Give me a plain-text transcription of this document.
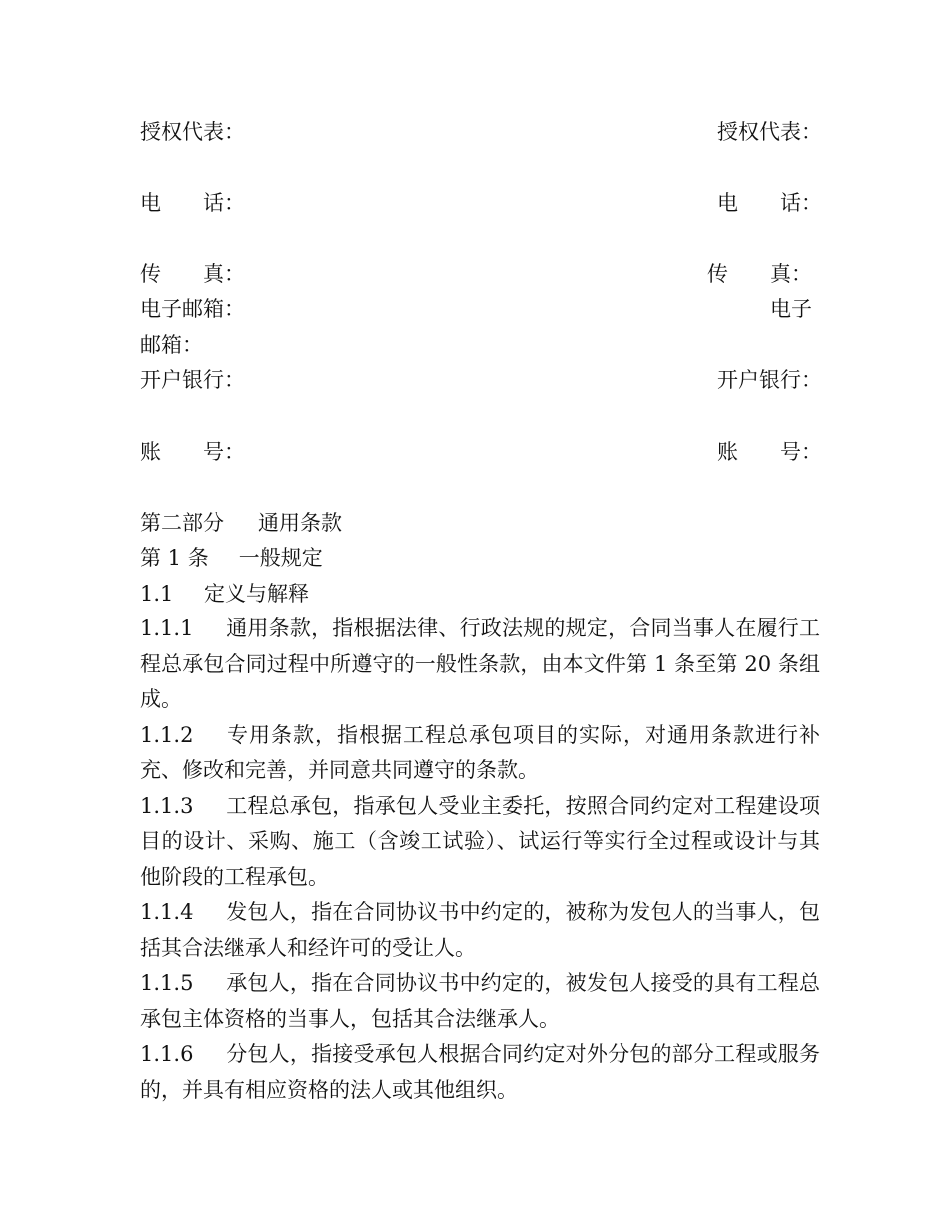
授权代表：	授权代表：
电　　话：	电　　话：
传　　真：	传　　真：
电子邮箱：	电子
邮箱：
开户银行：	开户银行：
账　　号：	账　　号：
第二部分 通用条款
第 1 条 一般规定
1.1 定义与解释

1.1.1 通用条款，指根据法律、行政法规的规定，合同当事人在履行工程总承包合同过程中所遵守的一般性条款，由本文件第 1 条至第 20 条组成。

1.1.2 专用条款，指根据工程总承包项目的实际，对通用条款进行补充、修改和完善，并同意共同遵守的条款。

1.1.3 工程总承包，指承包人受业主委托，按照合同约定对工程建设项目的设计、采购、施工（含竣工试验）、试运行等实行全过程或设计与其他阶段的工程承包。

1.1.4 发包人，指在合同协议书中约定的，被称为发包人的当事人，包括其合法继承人和经许可的受让人。

1.1.5 承包人，指在合同协议书中约定的，被发包人接受的具有工程总承包主体资格的当事人，包括其合法继承人。

1.1.6 分包人，指接受承包人根据合同约定对外分包的部分工程或服务的，并具有相应资格的法人或其他组织。
